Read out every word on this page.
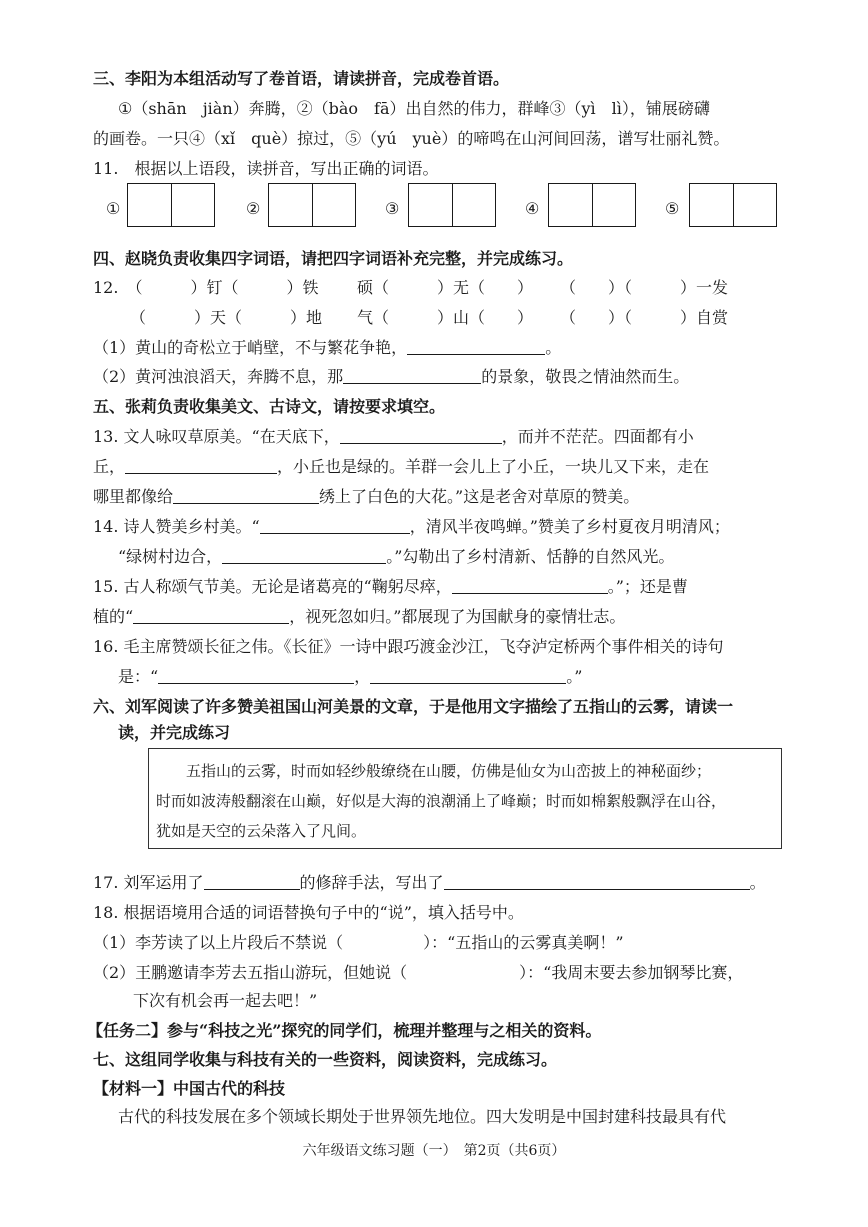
三、李阳为本组活动写了卷首语，请读拼音，完成卷首语。
①（shān　jiàn）奔腾，②（bào　fā）出自然的伟力，群峰③（yì　lì），铺展磅礴
的画卷。一只④（xǐ　què）掠过，⑤（yú　yuè）的啼鸣在山河间回荡，谱写壮丽礼赞。
11.　根据以上语段，读拼音，写出正确的词语。
①	②	③	④	⑤
四、赵晓负责收集四字词语，请把四字词语补充完整，并完成练习。
12.　（　　　）钉（　　　）铁 硕（　　　）无（　　） （　　）（　　　）一发
（　　　）天（　　　）地 气（　　　）山（　　） （　　）（　　　）自赏
（1）黄山的奇松立于峭壁，不与繁花争艳，	。
（2）黄河浊浪滔天，奔腾不息，那	的景象，敬畏之情油然而生。
五、张莉负责收集美文、古诗文，请按要求填空。
13. 文人咏叹草原美。“在天底下，	，而并不茫茫。四面都有小
丘，	，小丘也是绿的。羊群一会儿上了小丘，一块儿又下来，走在
哪里都像给	绣上了白色的大花。”这是老舍对草原的赞美。
14. 诗人赞美乡村美。“	，清风半夜鸣蝉。”赞美了乡村夏夜月明清风；
“绿树村边合，	。”勾勒出了乡村清新、恬静的自然风光。
15. 古人称颂气节美。无论是诸葛亮的“鞠躬尽瘁，	。”；还是曹
植的“	，视死忽如归。”都展现了为国献身的豪情壮志。
16. 毛主席赞颂长征之伟。《长征》一诗中跟巧渡金沙江，飞夺泸定桥两个事件相关的诗句
是：“	，	。”
六、刘军阅读了许多赞美祖国山河美景的文章，于是他用文字描绘了五指山的云雾，请读一
读，并完成练习
五指山的云雾，时而如轻纱般缭绕在山腰，仿佛是仙女为山峦披上的神秘面纱；
时而如波涛般翻滚在山巅，好似是大海的浪潮涌上了峰巅；时而如棉絮般飘浮在山谷，
犹如是天空的云朵落入了凡间。
17. 刘军运用了	的修辞手法，写出了	。
18. 根据语境用合适的词语替换句子中的“说”，填入括号中。
（1）李芳读了以上片段后不禁说（　　　　　）：“五指山的云雾真美啊！”
（2）王鹏邀请李芳去五指山游玩，但她说（　　　　　　　）：“我周末要去参加钢琴比赛，
下次有机会再一起去吧！”
【任务二】参与“科技之光”探究的同学们，梳理并整理与之相关的资料。
七、这组同学收集与科技有关的一些资料，阅读资料，完成练习。
【材料一】中国古代的科技
古代的科技发展在多个领域长期处于世界领先地位。四大发明是中国封建科技最具有代
六年级语文练习题（一）　第2页（共6页）
